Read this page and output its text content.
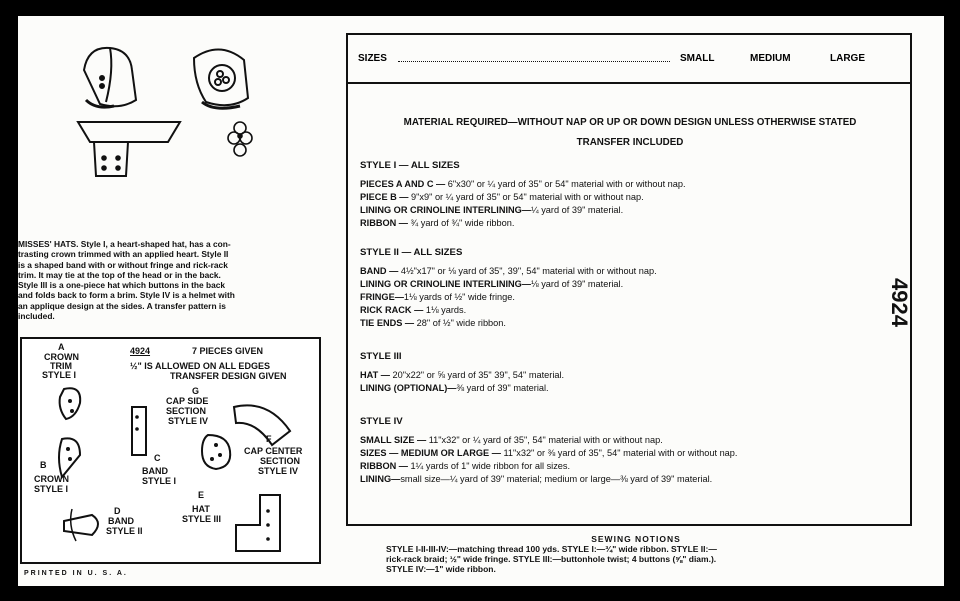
MISSES' HATS. Style I, a heart-shaped hat, has a con-
trasting crown trimmed with an applied heart. Style II
is a shaped band with or without fringe and rick-rack
trim. It may tie at the top of the head or in the back.
Style III is a one-piece hat which buttons in the back
and folds back to form a brim. Style IV is a helmet with
an applique design at the sides. A transfer pattern is
included.
4924	7 PIECES GIVEN
½" IS ALLOWED ON ALL EDGES
TRANSFER DESIGN GIVEN
A
CROWN
TRIM
STYLE I
B
CROWN
STYLE I
C
BAND
STYLE I
D
BAND
STYLE II
E
HAT
STYLE III
F
CAP CENTER
SECTION
STYLE IV
G
CAP SIDE
SECTION
STYLE IV
PRINTED IN U. S. A.
SIZES	SMALL	MEDIUM	LARGE
MATERIAL REQUIRED—WITHOUT NAP OR UP OR DOWN DESIGN UNLESS OTHERWISE STATED
TRANSFER INCLUDED
STYLE I — ALL SIZES
PIECES A AND C — 6"x30" or ¼ yard of 35" or 54" material with or without nap.
PIECE B — 9"x9" or ¼ yard of 35" or 54" material with or without nap.
LINING OR CRINOLINE INTERLINING—¼ yard of 39" material.
RIBBON — ¾ yard of ¾" wide ribbon.
STYLE II — ALL SIZES
BAND — 4½"x17" or ⅛ yard of 35", 39", 54" material with or without nap.
LINING OR CRINOLINE INTERLINING—⅛ yard of 39" material.
FRINGE—1⅛ yards of ½" wide fringe.
RICK RACK — 1⅛ yards.
TIE ENDS — 28" of ½" wide ribbon.
STYLE III
HAT — 20"x22" or ⅝ yard of 35" 39", 54" material.
LINING (OPTIONAL)—⅜ yard of 39" material.
STYLE IV
SMALL SIZE — 11"x32" or ¼ yard of 35", 54" material with or without nap.
SIZES — MEDIUM OR LARGE — 11"x32" or ⅜ yard of 35", 54" material with or without nap.
RIBBON — 1¼ yards of 1" wide ribbon for all sizes.
LINING—small size—¼ yard of 39" material; medium or large—⅜ yard of 39" material.
4924
SEWING NOTIONS
STYLE I-II-III-IV:—matching thread 100 yds. STYLE I:—¾" wide ribbon. STYLE II:—
rick-rack braid; ½" wide fringe. STYLE III:—buttonhole twist; 4 buttons (⅝" diam.).
STYLE IV:—1" wide ribbon.
